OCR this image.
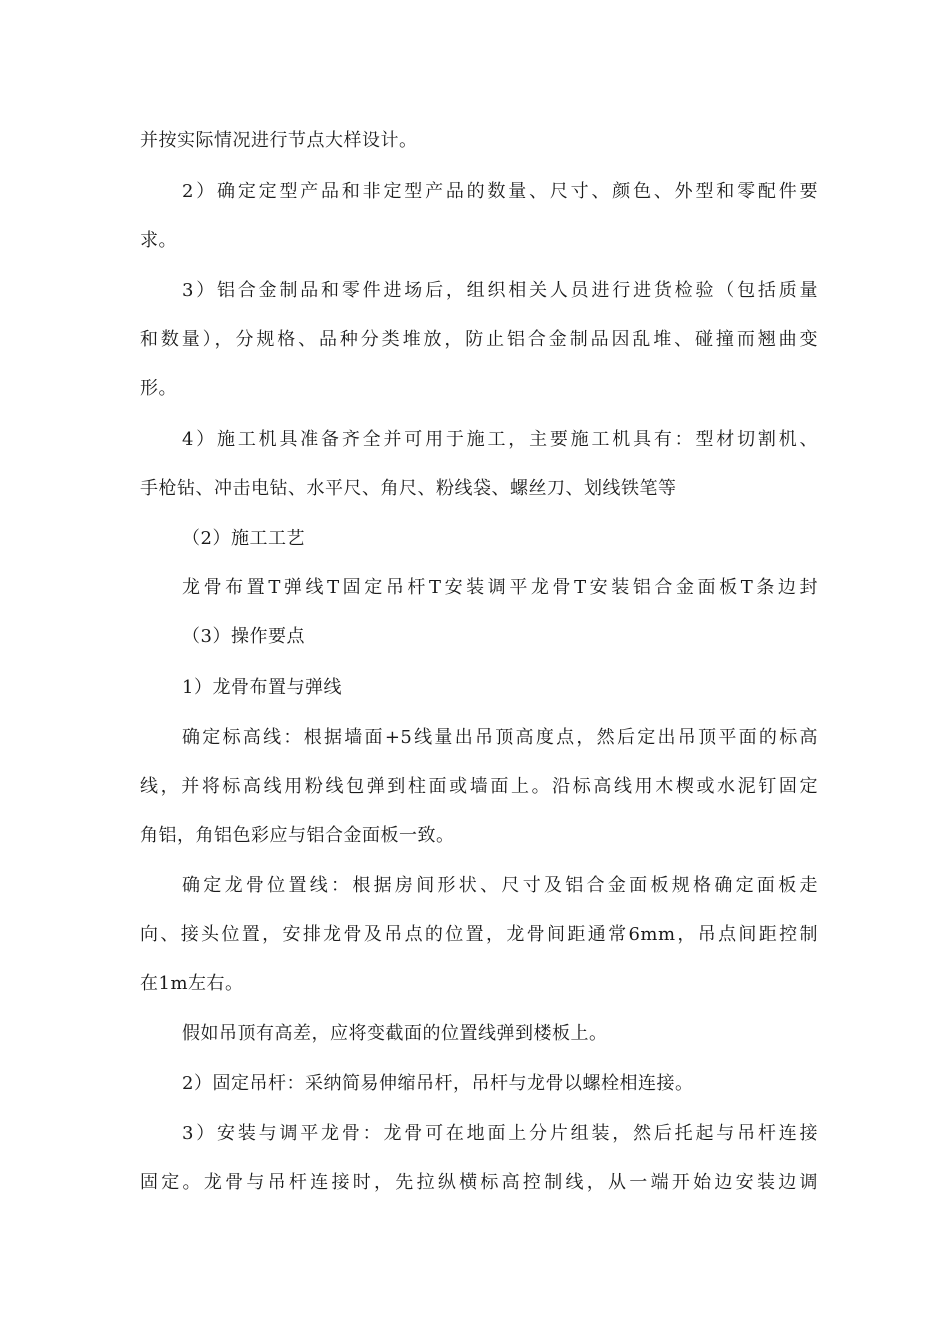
并按实际情况进行节点大样设计。
2）确定定型产品和非定型产品的数量、尺寸、颜色、外型和零配件要
求。
3）铝合金制品和零件进场后，组织相关人员进行进货检验（包括质量
和数量），分规格、品种分类堆放，防止铝合金制品因乱堆、碰撞而翘曲变
形。
4）施工机具准备齐全并可用于施工，主要施工机具有：型材切割机、
手枪钻、冲击电钻、水平尺、角尺、粉线袋、螺丝刀、划线铁笔等
（2）施工工艺
龙骨布置T弹线T固定吊杆T安装调平龙骨T安装铝合金面板T条边封
（3）操作要点
1）龙骨布置与弹线
确定标高线：根据墙面+5线量出吊顶高度点，然后定出吊顶平面的标高
线，并将标高线用粉线包弹到柱面或墙面上。沿标高线用木楔或水泥钉固定
角铝，角铝色彩应与铝合金面板一致。
确定龙骨位置线：根据房间形状、尺寸及铝合金面板规格确定面板走
向、接头位置，安排龙骨及吊点的位置，龙骨间距通常6mm，吊点间距控制
在1m左右。
假如吊顶有高差，应将变截面的位置线弹到楼板上。
2）固定吊杆：采纳简易伸缩吊杆，吊杆与龙骨以螺栓相连接。
3）安装与调平龙骨：龙骨可在地面上分片组装，然后托起与吊杆连接
固定。龙骨与吊杆连接时，先拉纵横标高控制线，从一端开始边安装边调
